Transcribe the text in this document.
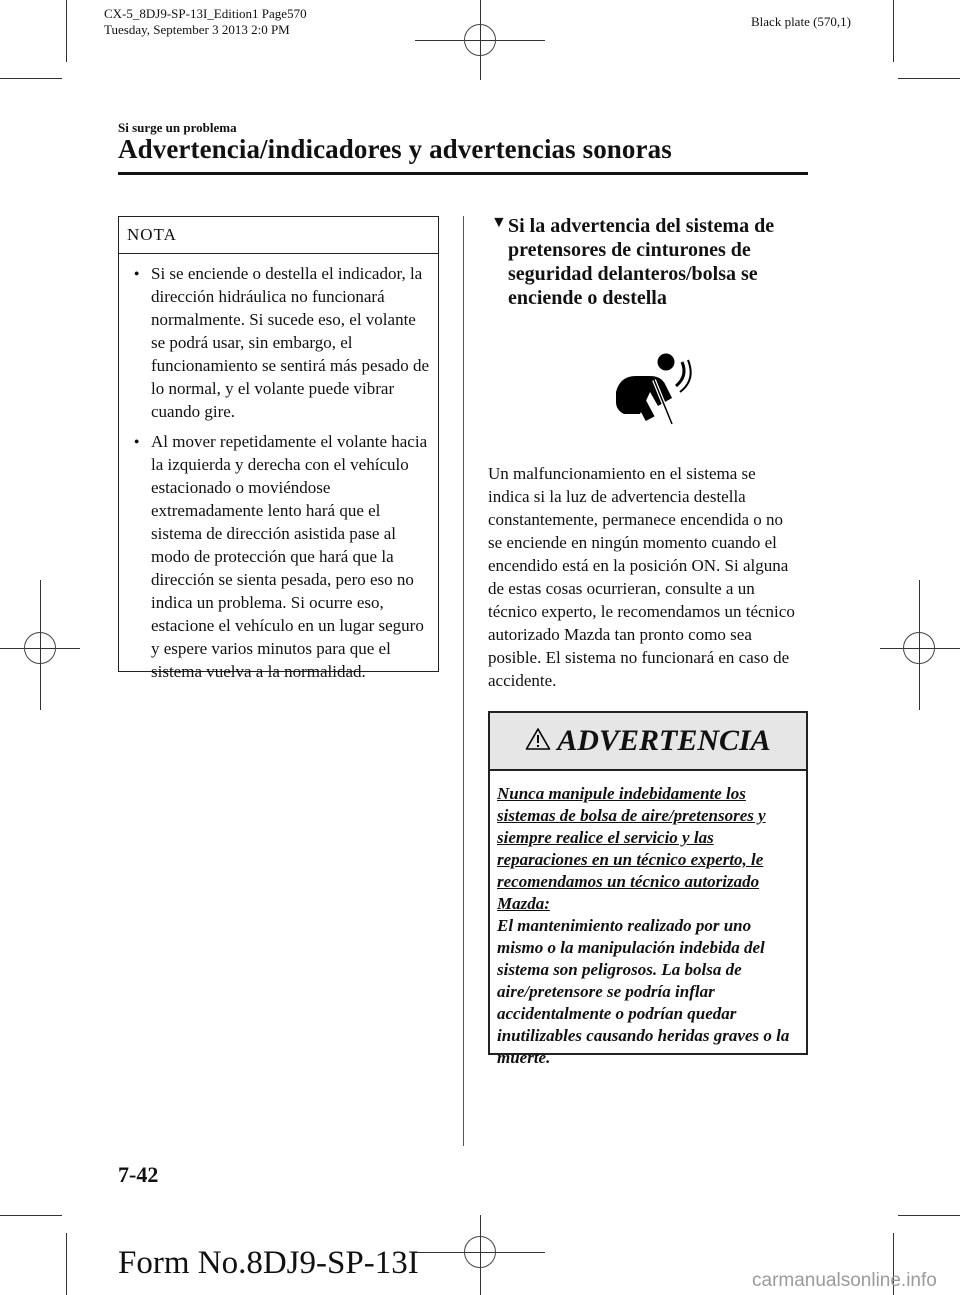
CX-5_8DJ9-SP-13I_Edition1 Page570
Tuesday, September 3 2013 2:0 PM
Black plate (570,1)
Si surge un problema
Advertencia/indicadores y advertencias sonoras
NOTA
● Si se enciende o destella el indicador, la dirección hidráulica no funcionará normalmente. Si sucede eso, el volante se podrá usar, sin embargo, el funcionamiento se sentirá más pesado de lo normal, y el volante puede vibrar cuando gire.
● Al mover repetidamente el volante hacia la izquierda y derecha con el vehículo estacionado o moviéndose extremadamente lento hará que el sistema de dirección asistida pase al modo de protección que hará que la dirección se sienta pesada, pero eso no indica un problema. Si ocurre eso, estacione el vehículo en un lugar seguro y espere varios minutos para que el sistema vuelva a la normalidad.
▼ Si la advertencia del sistema de pretensores de cinturones de seguridad delanteros/bolsa se enciende o destella
Un malfuncionamiento en el sistema se indica si la luz de advertencia destella constantemente, permanece encendida o no se enciende en ningún momento cuando el encendido está en la posición ON. Si alguna de estas cosas ocurrieran, consulte a un técnico experto, le recomendamos un técnico autorizado Mazda tan pronto como sea posible. El sistema no funcionará en caso de accidente.
ADVERTENCIA
Nunca manipule indebidamente los sistemas de bolsa de aire/pretensores y siempre realice el servicio y las reparaciones en un técnico experto, le recomendamos un técnico autorizado Mazda:
El mantenimiento realizado por uno mismo o la manipulación indebida del sistema son peligrosos. La bolsa de aire/pretensore se podría inflar accidentalmente o podrían quedar inutilizables causando heridas graves o la muerte.
7-42
Form No.8DJ9-SP-13I	carmanualsonline.info
